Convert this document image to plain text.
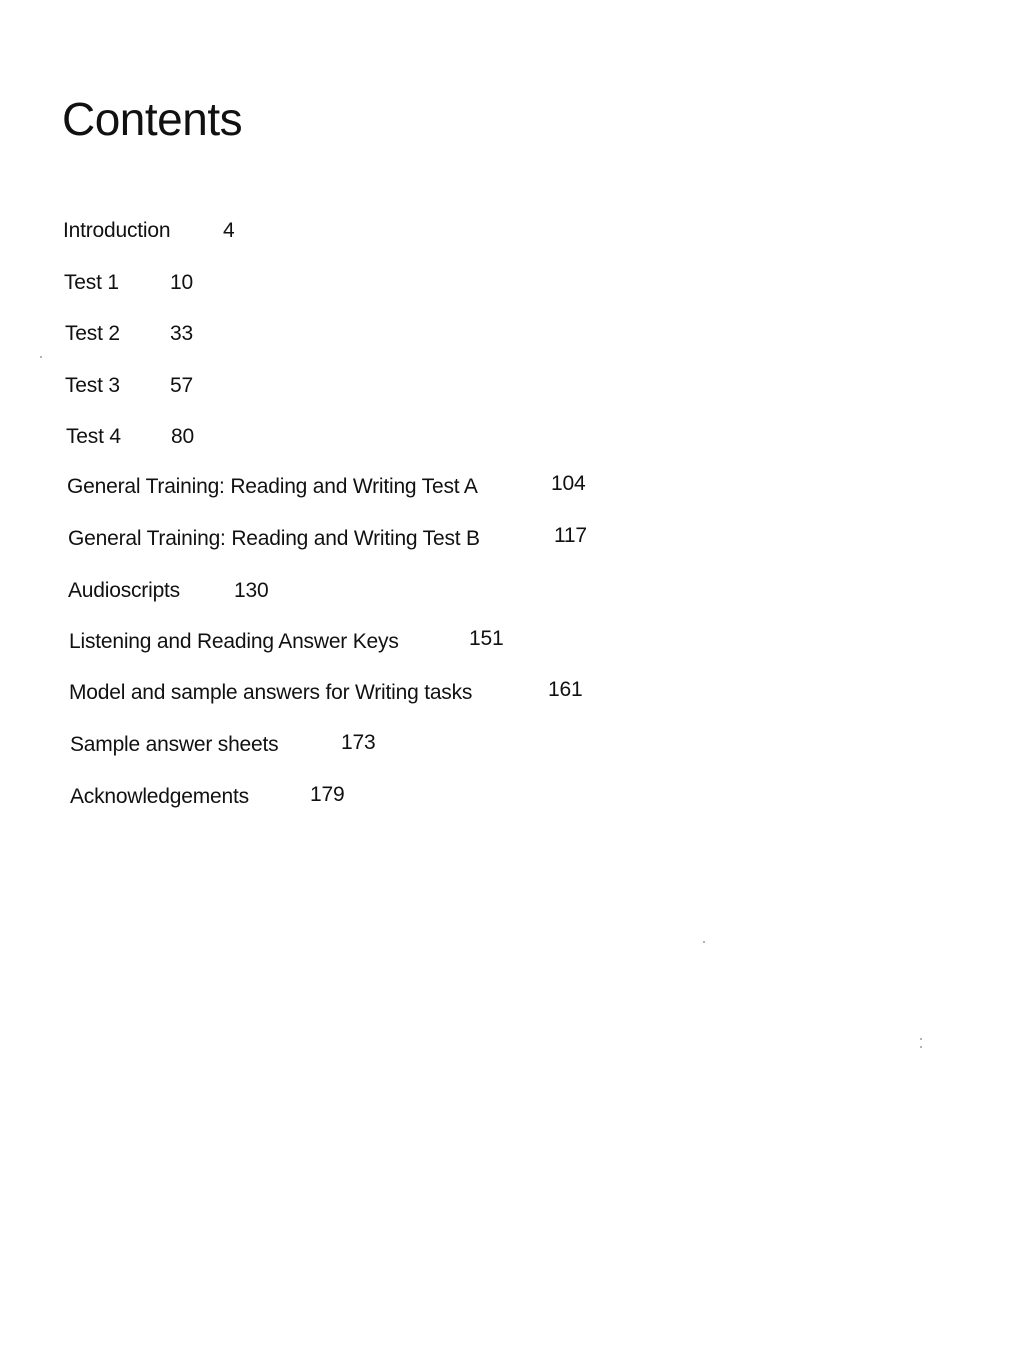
Contents
Introduction	4
Test 1 10
Test 2 33
Test 3 57
Test 4 80
General Training: Reading and Writing Test A	104
General Training: Reading and Writing Test B	117
Audioscripts	130
Listening and Reading Answer Keys	151
Model and sample answers for Writing tasks	161
Sample answer sheets	173
Acknowledgements	179
